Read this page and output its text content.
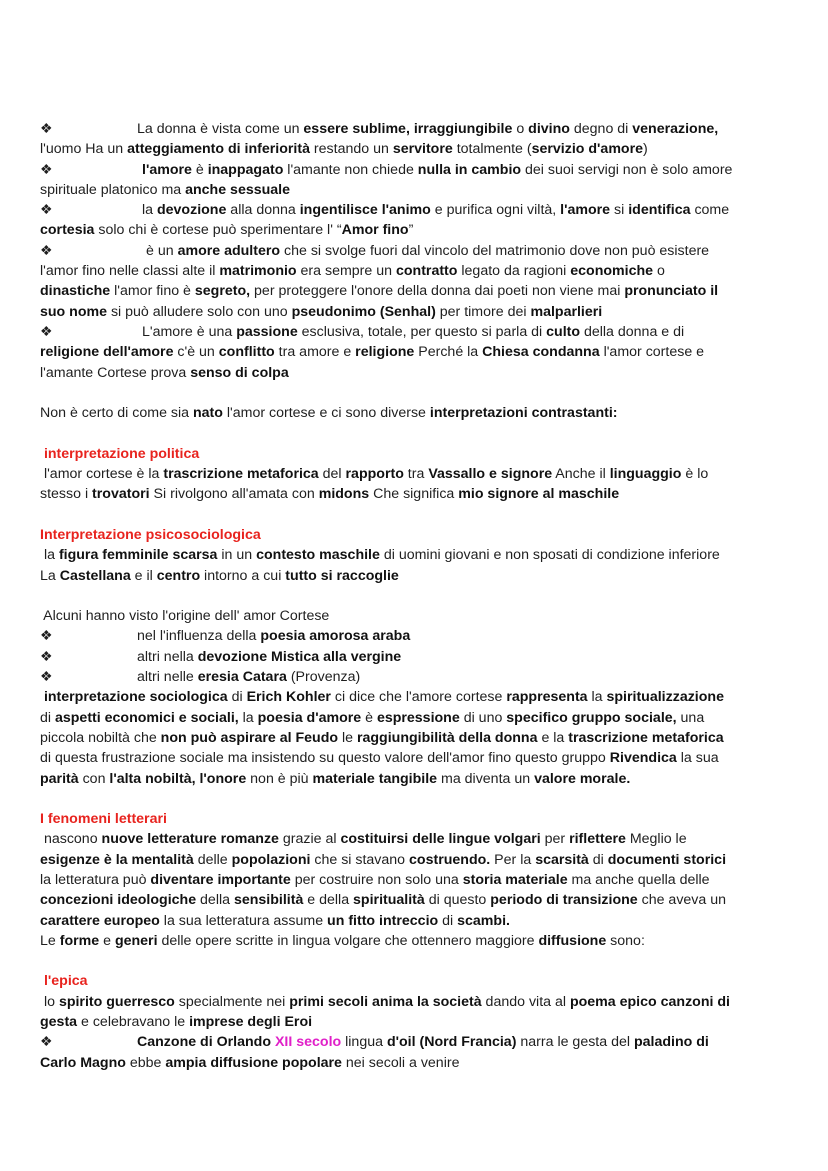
❖	La donna è vista come un essere sublime, irraggiungibile o divino degno di venerazione,
l'uomo Ha un atteggiamento di inferiorità restando un servitore totalmente (servizio d'amore)
❖	l'amore è inappagato l'amante non chiede nulla in cambio dei suoi servigi non è solo amore
spirituale platonico ma anche sessuale
❖	la devozione alla donna ingentilisce l'animo e purifica ogni viltà, l'amore si identifica come
cortesia solo chi è cortese può sperimentare l' “Amor fino”
❖	è un amore adultero che si svolge fuori dal vincolo del matrimonio dove non può esistere
l'amor fino nelle classi alte il matrimonio era sempre un contratto legato da ragioni economiche o
dinastiche l'amor fino è segreto, per proteggere l'onore della donna dai poeti non viene mai pronunciato il
suo nome si può alludere solo con uno pseudonimo (Senhal) per timore dei malparlieri
❖	L'amore è una passione esclusiva, totale, per questo si parla di culto della donna e di
religione dell'amore c'è un conflitto tra amore e religione Perché la Chiesa condanna l'amor cortese e
l'amante Cortese prova senso di colpa
Non è certo di come sia nato l'amor cortese e ci sono diverse interpretazioni contrastanti:
interpretazione politica
l'amor cortese è la trascrizione metaforica del rapporto tra Vassallo e signore Anche il linguaggio è lo
stesso i trovatori Si rivolgono all'amata con midons Che significa mio signore al maschile
Interpretazione psicosociologica
la figura femminile scarsa in un contesto maschile di uomini giovani e non sposati di condizione inferiore
La Castellana e il centro intorno a cui tutto si raccoglie
Alcuni hanno visto l'origine dell' amor Cortese
❖	nel l'influenza della poesia amorosa araba
❖	altri nella devozione Mistica alla vergine
❖	altri nelle eresia Catara (Provenza)
interpretazione sociologica di Erich Kohler ci dice che l'amore cortese rappresenta la spiritualizzazione
di aspetti economici e sociali, la poesia d'amore è espressione di uno specifico gruppo sociale, una
piccola nobiltà che non può aspirare al Feudo le raggiungibilità della donna e la trascrizione metaforica
di questa frustrazione sociale ma insistendo su questo valore dell'amor fino questo gruppo Rivendica la sua
parità con l'alta nobiltà, l'onore non è più materiale tangibile ma diventa un valore morale.
I fenomeni letterari
nascono nuove letterature romanze grazie al costituirsi delle lingue volgari per riflettere Meglio le
esigenze è la mentalità delle popolazioni che si stavano costruendo. Per la scarsità di documenti storici
la letteratura può diventare importante per costruire non solo una storia materiale ma anche quella delle
concezioni ideologiche della sensibilità e della spiritualità di questo periodo di transizione che aveva un
carattere europeo la sua letteratura assume un fitto intreccio di scambi.
Le forme e generi delle opere scritte in lingua volgare che ottennero maggiore diffusione sono:
l'epica
lo spirito guerresco specialmente nei primi secoli anima la società dando vita al poema epico canzoni di
gesta e celebravano le imprese degli Eroi
❖	Canzone di Orlando XII secolo lingua d'oil (Nord Francia) narra le gesta del paladino di
Carlo Magno ebbe ampia diffusione popolare nei secoli a venire
